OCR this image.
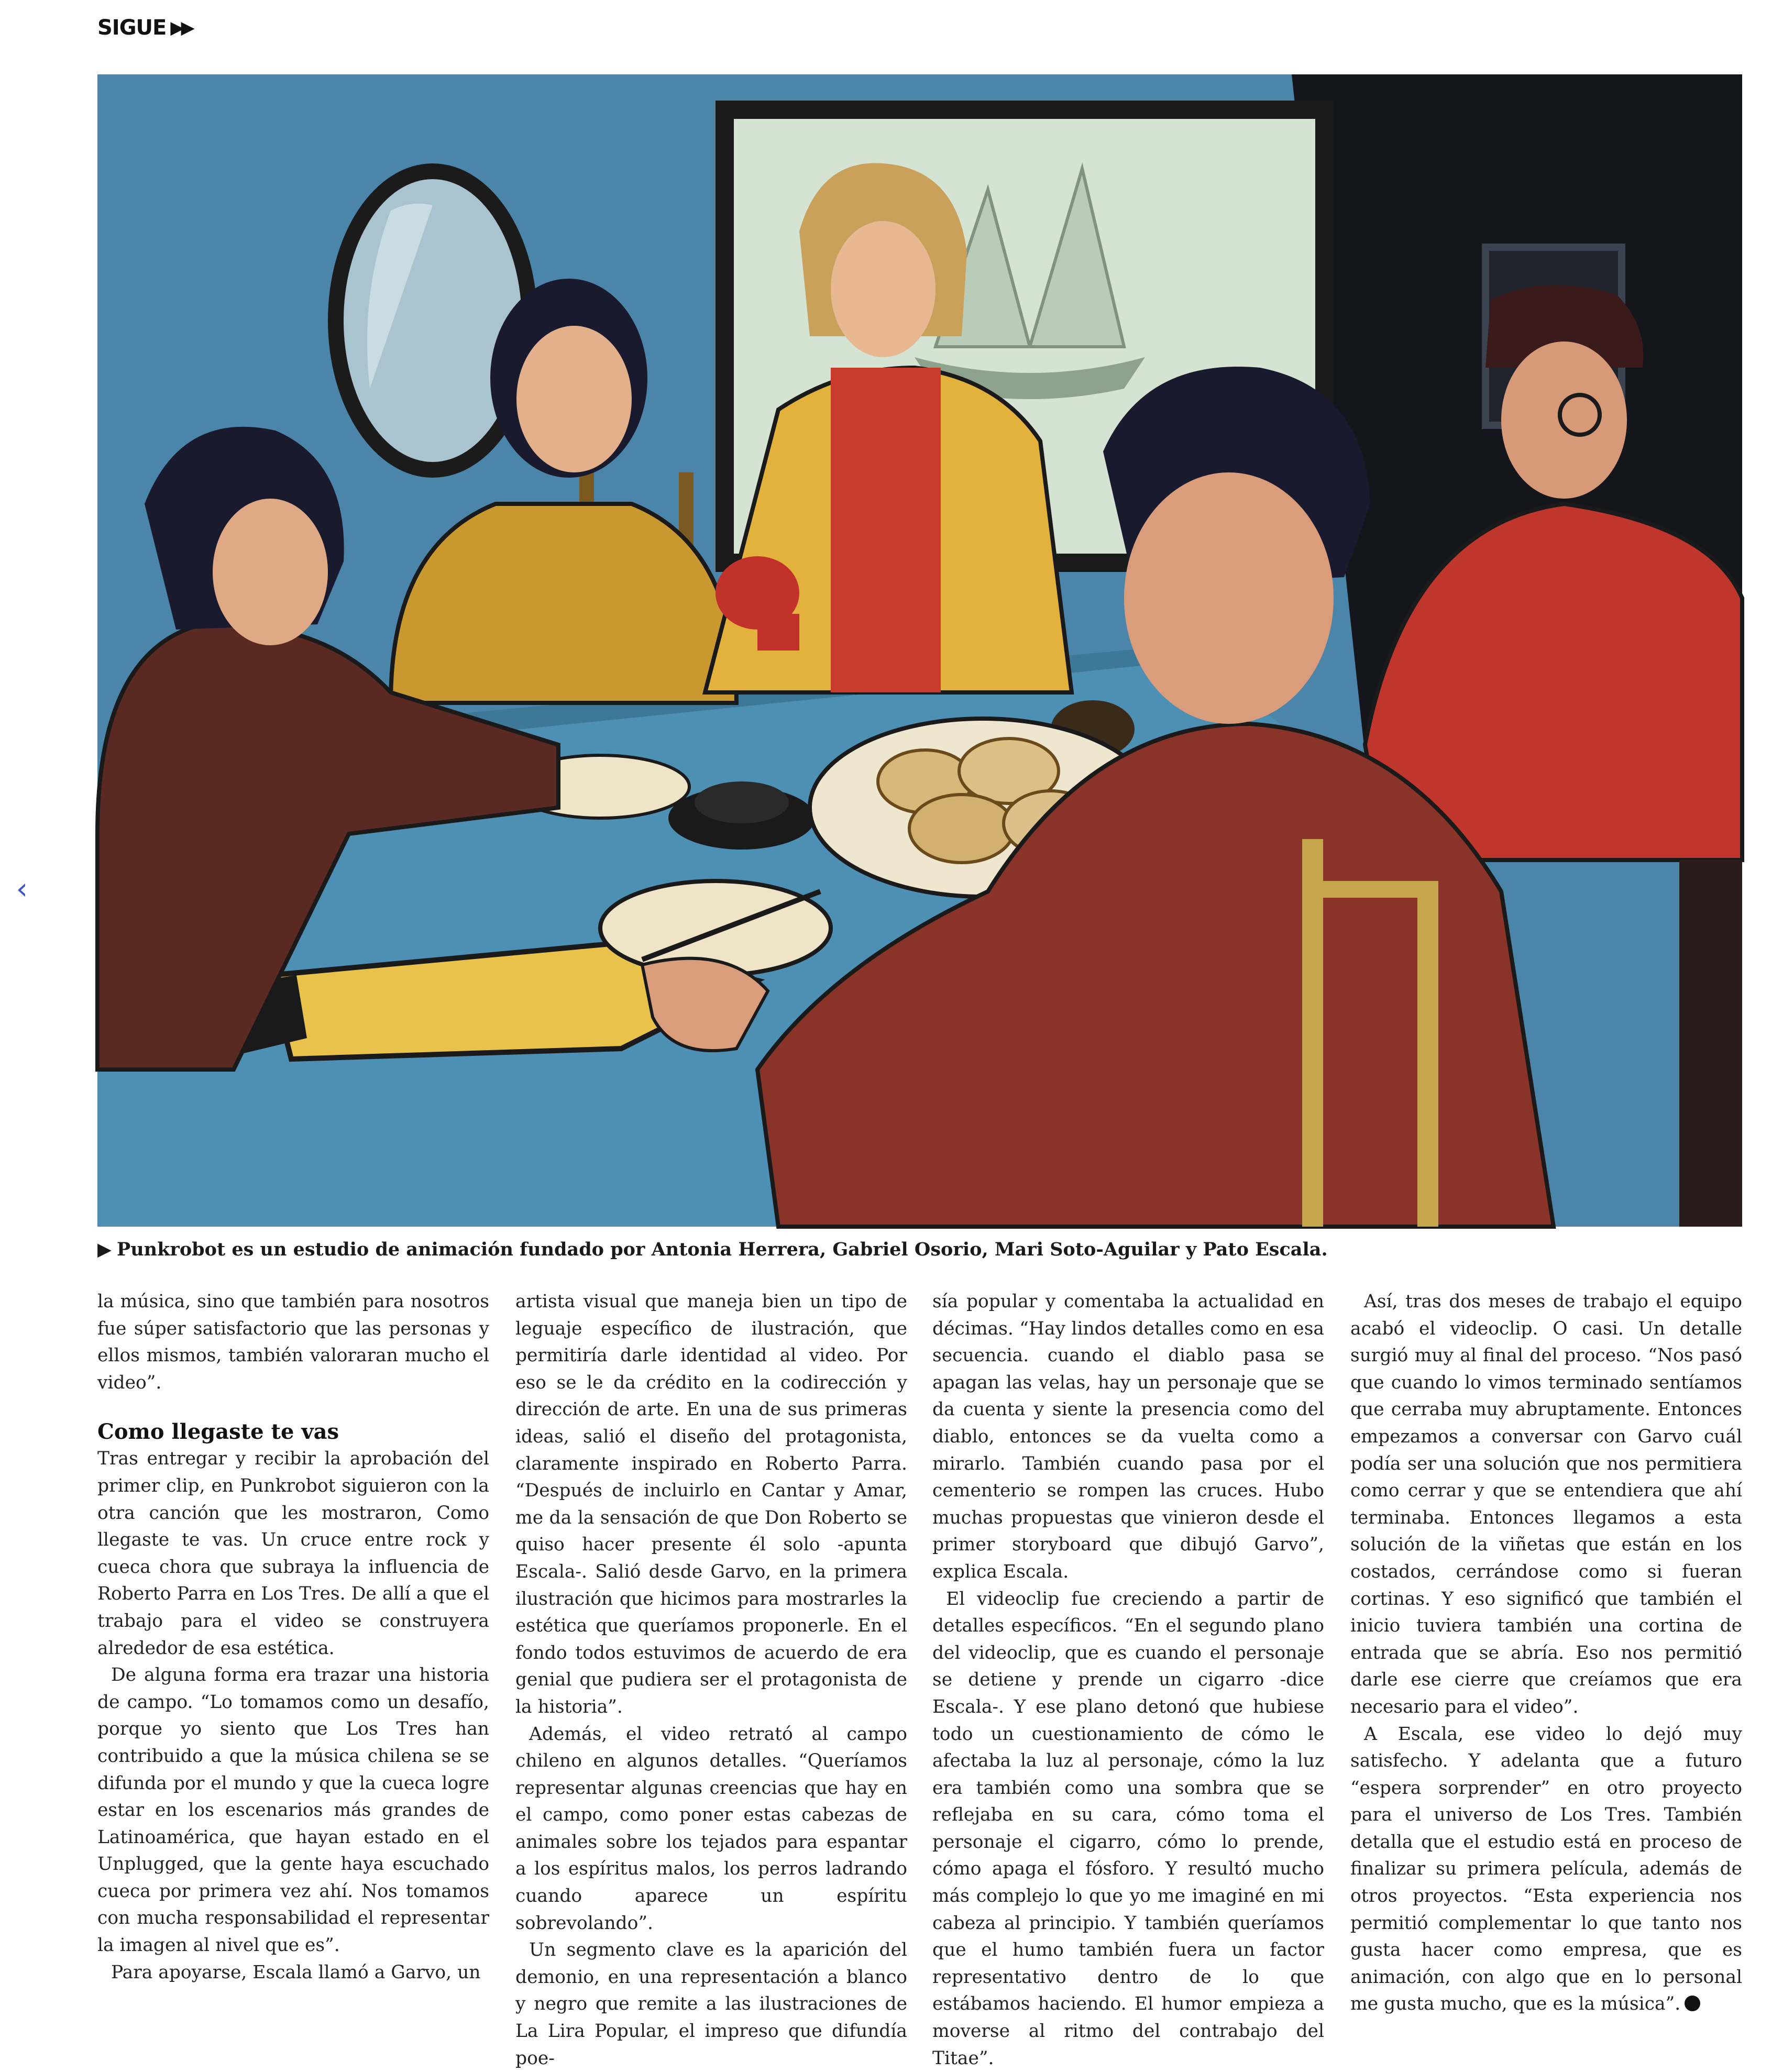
SIGUE ▶▶
‹
▶ Punkrobot es un estudio de animación fundado por Antonia Herrera, Gabriel Osorio, Mari Soto-Aguilar y Pato Escala.

la música, sino que también para nosotros fue súper satisfactorio que las personas y ellos mismos, también valoraran mucho el video”.

Como llegaste te vas

Tras entregar y recibir la aprobación del primer clip, en Punkrobot siguieron con la otra canción que les mostraron, Como llegaste te vas. Un cruce entre rock y cueca chora que subraya la influencia de Roberto Parra en Los Tres. De allí a que el trabajo para el video se construyera alrededor de esa estética.

De alguna forma era trazar una historia de campo. “Lo tomamos como un desafío, porque yo siento que Los Tres han contribuido a que la música chilena se se difunda por el mundo y que la cueca logre estar en los escenarios más grandes de Latinoamérica, que hayan estado en el Unplugged, que la gente haya escuchado cueca por primera vez ahí. Nos tomamos con mucha responsabilidad el representar la imagen al nivel que es”.

Para apoyarse, Escala llamó a Garvo, un

artista visual que maneja bien un tipo de leguaje específico de ilustración, que permitiría darle identidad al video. Por eso se le da crédito en la codirección y dirección de arte. En una de sus primeras ideas, salió el diseño del protagonista, claramente inspirado en Roberto Parra. “Después de incluirlo en Cantar y Amar, me da la sensación de que Don Roberto se quiso hacer presente él solo -apunta Escala-. Salió desde Garvo, en la primera ilustración que hicimos para mostrarles la estética que queríamos proponerle. En el fondo todos estuvimos de acuerdo de era genial que pudiera ser el protagonista de la historia”.

Además, el video retrató al campo chileno en algunos detalles. “Queríamos representar algunas creencias que hay en el campo, como poner estas cabezas de animales sobre los tejados para espantar a los espíritus malos, los perros ladrando cuando aparece un espíritu sobrevolando”.

Un segmento clave es la aparición del demonio, en una representación a blanco y negro que remite a las ilustraciones de La Lira Popular, el impreso que difundía poe-

sía popular y comentaba la actualidad en décimas. “Hay lindos detalles como en esa secuencia. cuando el diablo pasa se apagan las velas, hay un personaje que se da cuenta y siente la presencia como del diablo, entonces se da vuelta como a mirarlo. También cuando pasa por el cementerio se rompen las cruces. Hubo muchas propuestas que vinieron desde el primer storyboard que dibujó Garvo”, explica Escala.

El videoclip fue creciendo a partir de detalles específicos. “En el segundo plano del videoclip, que es cuando el personaje se detiene y prende un cigarro -dice Escala-. Y ese plano detonó que hubiese todo un cuestionamiento de cómo le afectaba la luz al personaje, cómo la luz era también como una sombra que se reflejaba en su cara, cómo toma el personaje el cigarro, cómo lo prende, cómo apaga el fósforo. Y resultó mucho más complejo lo que yo me imaginé en mi cabeza al principio. Y también queríamos que el humo también fuera un factor representativo dentro de lo que estábamos haciendo. El humor empieza a moverse al ritmo del contrabajo del Titae”.

Así, tras dos meses de trabajo el equipo acabó el videoclip. O casi. Un detalle surgió muy al final del proceso. “Nos pasó que cuando lo vimos terminado sentíamos que cerraba muy abruptamente. Entonces empezamos a conversar con Garvo cuál podía ser una solución que nos permitiera como cerrar y que se entendiera que ahí terminaba. Entonces llegamos a esta solución de la viñetas que están en los costados, cerrándose como si fueran cortinas. Y eso significó que también el inicio tuviera también una cortina de entrada que se abría. Eso nos permitió darle ese cierre que creíamos que era necesario para el video”.

A Escala, ese video lo dejó muy satisfecho. Y adelanta que a futuro “espera sorprender” en otro proyecto para el universo de Los Tres. También detalla que el estudio está en proceso de finalizar su primera película, además de otros proyectos. “Esta experiencia nos permitió complementar lo que tanto nos gusta hacer como empresa, que es animación, con algo que en lo personal me gusta mucho, que es la música”.
